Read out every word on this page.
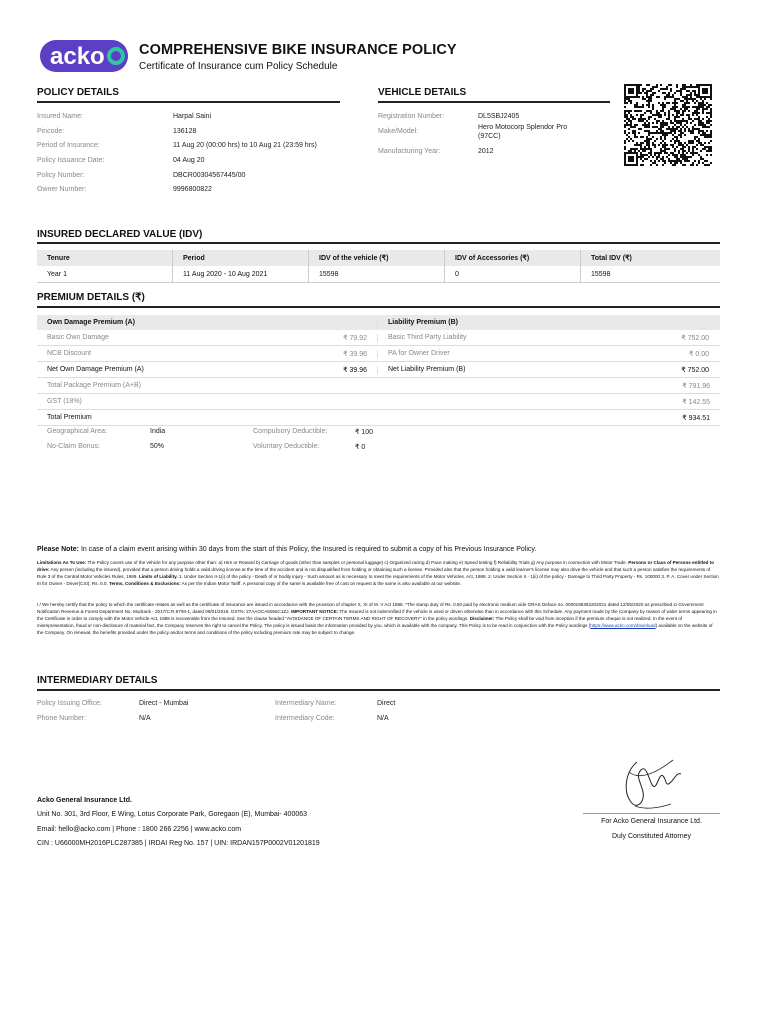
acko COMPREHENSIVE BIKE INSURANCE POLICY
Certificate of Insurance cum Policy Schedule
POLICY DETAILS
Insured Name:	Harpal Saini
Pincode:	136128
Period of Insurance:	11 Aug 20 (00:00 hrs) to 10 Aug 21 (23:59 hrs)
Policy Issuance Date:	04 Aug 20
Policy Number:	DBCR00304567445/00
Owner Number:	9996800822
VEHICLE DETAILS
Registration Number:	DL5SBJ2405
Make/Model:
Hero Motocorp Splendor Pro
(97CC)
Manufacturing Year:	2012
INSURED DECLARED VALUE (IDV)
Tenure	Period	IDV of the vehicle (₹)	IDV of Accessories (₹)	Total IDV (₹)
Year 1	11 Aug 2020 - 10 Aug 2021	15598	0	15598
PREMIUM DETAILS (₹)
Own Damage Premium (A)	Liability Premium (B)
Basic Own Damage	₹ 79.92	Basic Third Party Liability	₹ 752.00
NCB Discount	₹ 39.96	PA for Owner Driver	₹ 0.00
Net Own Damage Premium (A)	₹ 39.96	Net Liability Premium (B)	₹ 752.00
Total Package Premium (A+B)	₹ 791.96
GST (18%)	₹ 142.55
Total Premium	₹ 934.51
Geographical Area:	India	Compulsory Deductible:	₹ 100
No-Claim Bonus:	50%	Voluntary Deductible:	₹ 0
Please Note: In case of a claim event arising within 30 days from the start of this Policy, the Insured is required to submit a copy of his Previous Insurance Policy.
Limitations As To Use: The Policy covers use of the vehicle for any purpose other than: a) Hire or Reward b) Carriage of goods (other than samples or personal luggage) c) Organized racing d) Pace making e) Speed testing f) Reliability Trials g) Any purpose in connection with Motor Trade. Persons or Class of Persons entitled to drive: Any person (including the insured), provided that a person driving holds a valid driving license at the time of the accident and is not disqualified from holding or obtaining such a license. Provided also that the person holding a valid learner's license may also drive the vehicle and that such a person satisfies the requirements of Rule 3 of the Central Motor Vehicles Rules, 1989. Limits of Liability. 1. Under Section II-1(i) of the policy - Death of or bodily injury - Such amount as is necessary to meet the requirements of the Motor Vehicles. Act, 1988. 2. Under Section II - 1(ii) of the policy - Damage to Third Party Property - Rs. 100000 3. P. A. Cover under Section III for Owner - Driver(CSI): Rs. 0.0. Terms, Conditions & Exclusions: As per the Indian Motor Tariff. A personal copy of the same is available free of cost on request & the same is also available at our website.
I / We hereby certify that the policy to which the certificate relates as well as the certificate of insurance are issued in accordance with the provision of chapter X, XI of M. V Act 1988. *The stamp duty of Rs. 0.50 paid by electronic medium vide GRAS Deface no. 0000196362202021 dated 12/05/2020 as prescribed in Government Notification Revenue & Forest Department No. Mudrank - 2017/C.R.97/M-1, dated 09/01/2018. GSTN: 27AAOCA6055C1ZJ. IMPORTANT NOTICE: The Insured is not indemnified if the vehicle is used or driven otherwise than in accordance with this Schedule. Any payment made by the Company by reason of wider terms appearing in the Certificate in order to comply with the Motor Vehicle Act, 1988 is recoverable from the Insured. See the clause headed "AVOIDANCE OF CERTAIN TERMS AND RIGHT OF RECOVERY" in the policy wordings. Disclaimer: The Policy shall be void from inception if the premium cheque is not realized. In the event of misrepresentation, fraud or non-disclosure of material fact, the Company reserves the right to cancel the Policy. The policy is issued basis the information provided by you, which is available with the company. This Policy is to be read in conjunction with the Policy wordings (https://www.acko.com/download) available on the website of the Company. On renewal, the benefits provided under the policy and/or terms and conditions of the policy including premium rate may be subject to change.
INTERMEDIARY DETAILS
Policy Issuing Office:	Direct - Mumbai
Phone Number:	N/A
Intermediary Name:	Direct
Intermediary Code:	N/A
Acko General Insurance Ltd.
Unit No. 301, 3rd Floor, E Wing, Lotus Corporate Park, Goregaon (E), Mumbai- 400063
Email: hello@acko.com | Phone : 1800 266 2256 | www.acko.com
CIN : U66000MH2016PLC287385 | IRDAI Reg No. 157 | UIN: IRDAN157P0002V01201819
For Acko General Insurance Ltd.
Duly Constituted Attorney
